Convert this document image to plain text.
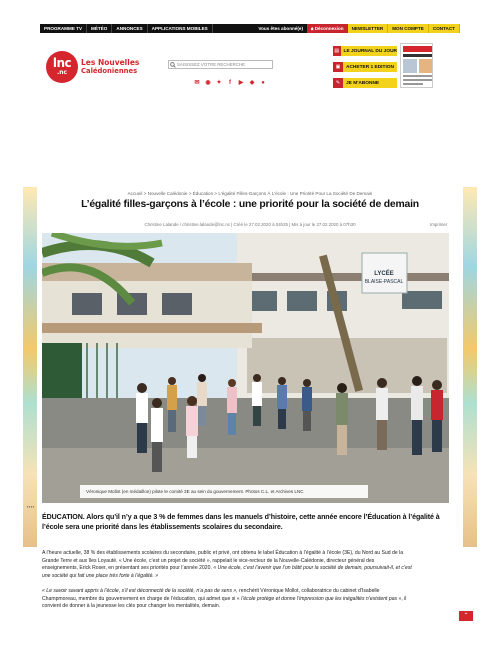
PROGRAMME TV	MÉTÉO	ANNONCES	APPLICATIONS MOBILES	Vous êtes abonné(e)	🔒︎ Déconnexion	NEWSLETTER	MON COMPTE	CONTACT
lnc
.nc
Les Nouvelles
Calédoniennes
SAISISSEZ VOTRE RECHERCHE
✉ ◉ ✦	f	▶ ◆ ●
▤ LE JOURNAL DU JOUR
▣	ACHETER 1 EDITION
✎	JE M'ABONNE
▪▪▪▪
Accueil > Nouvelle Calédonie > Éducation > L’égalité Filles-Garçons À L’école : Une Priorité Pour La Société De Demain
L’égalité filles-garçons à l’école : une priorité pour la société de demain
Christine Lalande / christine.lalande@lnc.nc | Créé le 27.02.2020 à 04h25 | Mis à jour le 27.02.2020 à 07h30	Imprimer
LYCÉE
BLAISE-PASCAL
Véronique Mollot (en médaillon) pilote le comité 3E au sein du gouvernement. Photos C.L. et Archives LNC

ÉDUCATION. Alors qu’il n’y a que 3 % de femmes dans les manuels d’histoire, cette année encore l’Éducation à l’égalité à l’école sera une priorité dans les établissements scolaires du secondaire.

A l’heure actuelle, 38 % des établissements scolaires du secondaire, public et privé, ont obtenu le label Éducation à l’égalité à l’école (3E), du Nord au Sud de la
Grande Terre et aux îles Loyauté. « Une école, c’est un projet de société », rappelait le vice-recteur de la Nouvelle-Calédonie, directeur général des
enseignements, Erick Roser, en présentant ses priorités pour l’année 2020. « Une école, c’est l’avenir que l’on bâtit pour la société de demain, poursuivait-il, et c’est
une société qui fait une place très forte à l’égalité. »
« Le savoir savant appris à l’école, s’il est déconnecté de la société, n’a pas de sens », renchérit Véronique Mollot, collaboratrice du cabinet d’Isabelle
Champmoreau, membre du gouvernement en charge de l’éducation, qui admet que si « l’école protège et donne l’impression que les inégalités n’existent pas », il
convient de donner à la jeunesse les clés pour changer les mentalités, demain.
⌃
